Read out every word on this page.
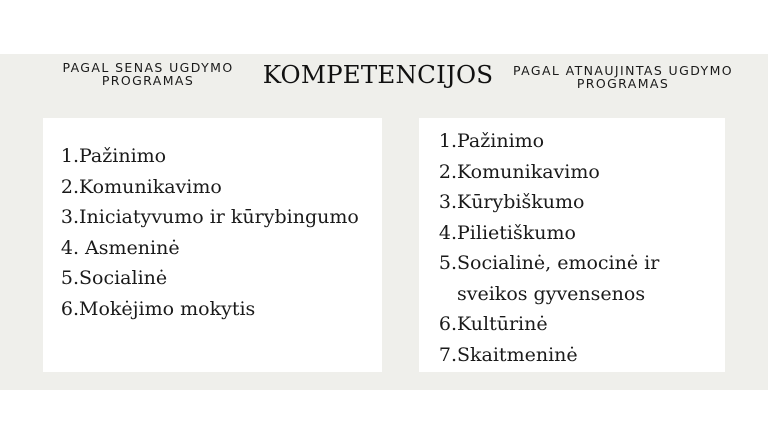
PAGAL SENAS UGDYMO PROGRAMAS	KOMPETENCIJOS	PAGAL ATNAUJINTAS UGDYMO PROGRAMAS
1.Pažinimo
2.Komunikavimo
3.Iniciatyvumo ir kūrybingumo
4. Asmeninė
5.Socialinė
6.Mokėjimo mokytis
1.Pažinimo
2.Komunikavimo
3.Kūrybiškumo
4.Pilietiškumo
5.Socialinė, emocinė ir
sveikos gyvensenos
6.Kultūrinė
7.Skaitmeninė
